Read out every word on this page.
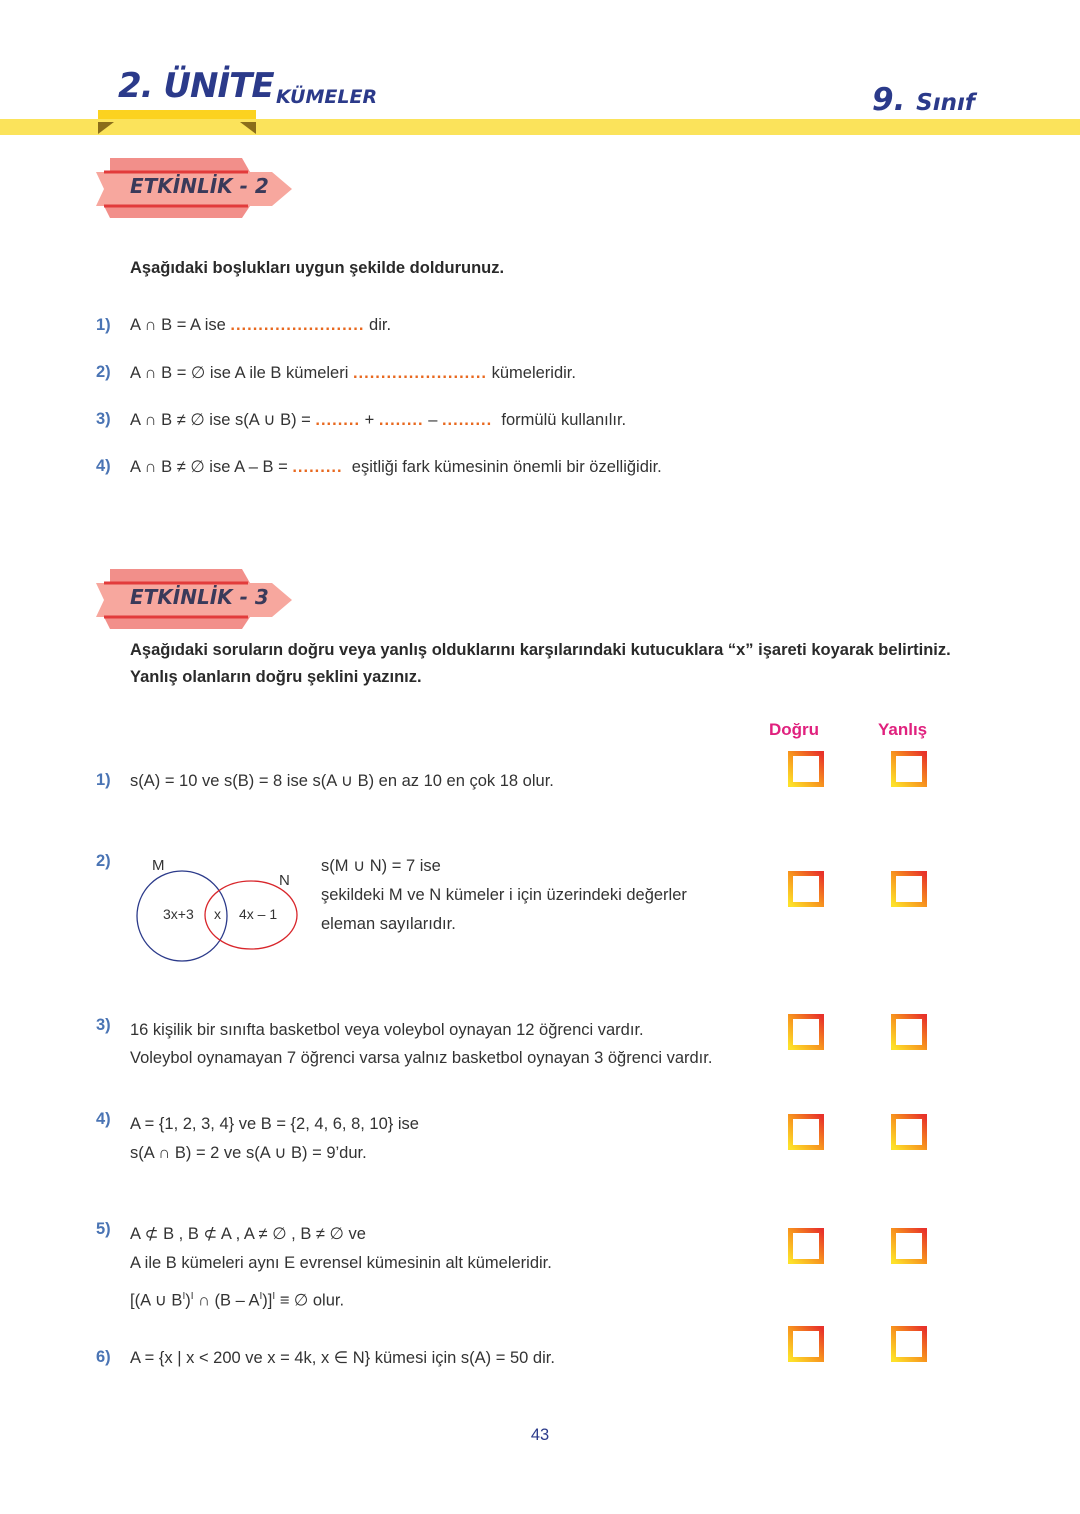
2. ÜNİTE KÜMELER	9. Sınıf
ETKİNLİK - 2
Aşağıdaki boşlukları uygun şekilde doldurunuz.
1) A ∩ B = A ise ........................ dir.
2) A ∩ B = ∅ ise A ile B kümeleri ........................ kümeleridir.
3) A ∩ B ≠ ∅ ise s(A ∪ B) = ........ + ........ – ......... formülü kullanılır.
4) A ∩ B ≠ ∅ ise A – B = ......... eşitliği fark kümesinin önemli bir özelliğidir.
ETKİNLİK - 3
Aşağıdaki soruların doğru veya yanlış olduklarını karşılarındaki kutucuklara “x” işareti koyarak belirtiniz.
Yanlış olanların doğru şeklini yazınız.
Doğru	Yanlış
1) s(A) = 10 ve s(B) = 8 ise s(A ∪ B) en az 10 en çok 18 olur.
2)	M
N
3x+3 x 4x – 1
s(M ∪ N) = 7 ise
şekildeki M ve N kümeler i için üzerindeki değerler
eleman sayılarıdır.
3) 16 kişilik bir sınıfta basketbol veya voleybol oynayan 12 öğrenci vardır.
Voleybol oynamayan 7 öğrenci varsa yalnız basketbol oynayan 3 öğrenci vardır.
4) A = {1, 2, 3, 4} ve B = {2, 4, 6, 8, 10} ise
s(A ∩ B) = 2 ve s(A ∪ B) = 9’dur.
5) A ⊄ B , B ⊄ A , A ≠ ∅ , B ≠ ∅ ve
A ile B kümeleri aynı E evrensel kümesinin alt kümeleridir.
[(A ∪ $B^I)^I$ ∩ $(B - A^I)]^I$ ≡ ∅ olur.
6) A = {x | x < 200 ve x = 4k, x ∈ N} kümesi için s(A) = 50 dir.
43
